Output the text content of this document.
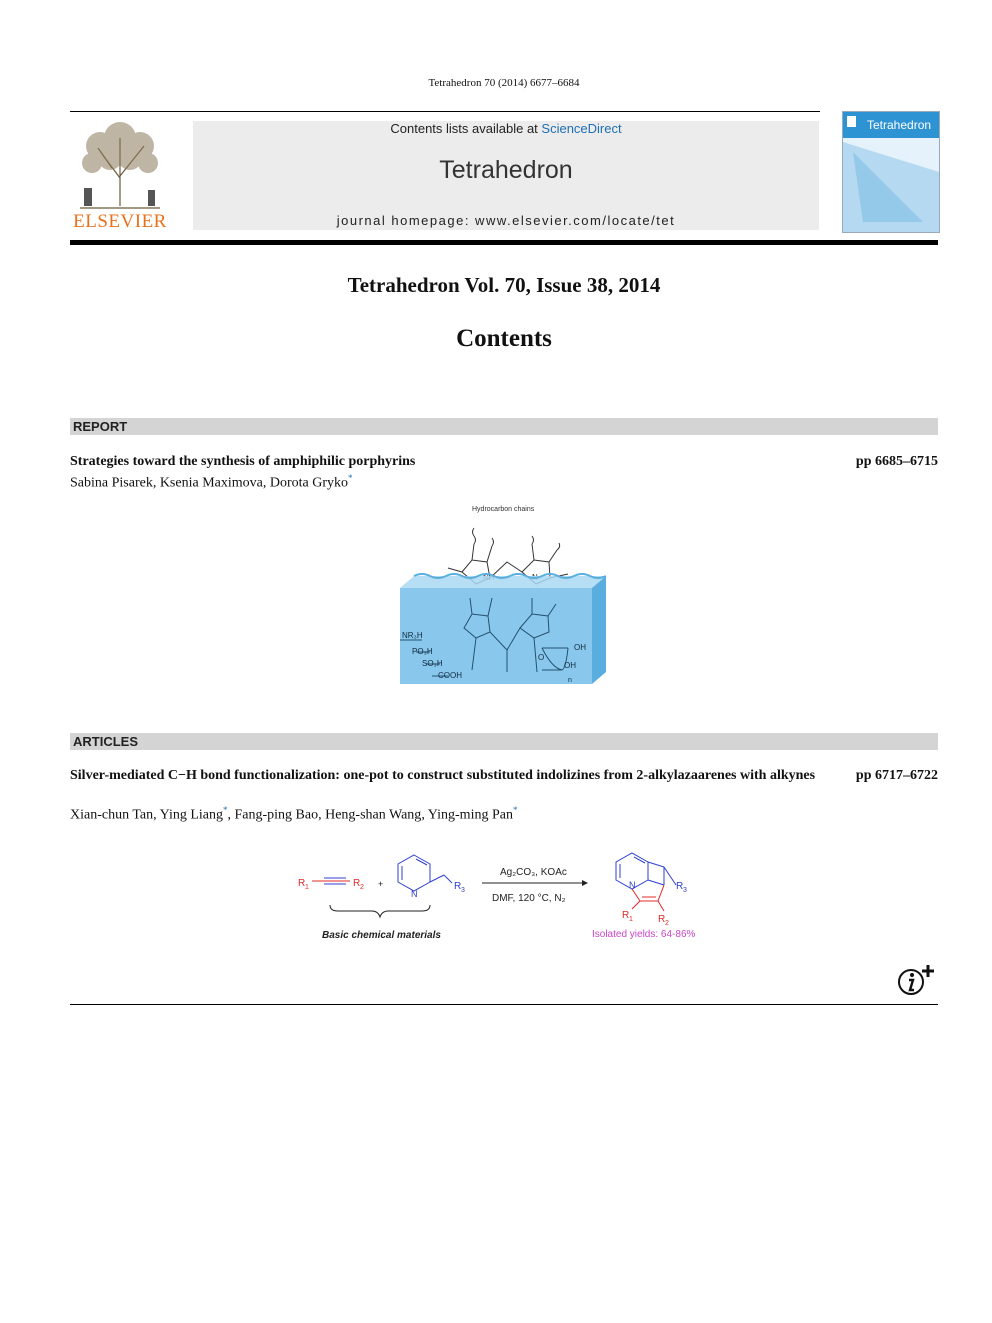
Tetrahedron 70 (2014) 6677–6684
ELSEVIER
Contents lists available at ScienceDirect
Tetrahedron
journal homepage: www.elsevier.com/locate/tet
Tetrahedron
Tetrahedron Vol. 70, Issue 38, 2014
Contents
REPORT
Strategies toward the synthesis of amphiphilic porphyrins	pp 6685–6715
Sabina Pisarek, Ksenia Maximova, Dorota Gryko*
Hydrocarbon chains
NR₃H
PO₃H
SO₃H
COOH
OH
OH
O
n
ARTICLES
Silver-mediated C−H bond functionalization: one-pot to construct substituted indolizines from 2-alkylazaarenes with alkynes	pp 6717–6722
Xian-chun Tan, Ying Liang*, Fang-ping Bao, Heng-shan Wang, Ying-ming Pan*
R 1	R 2 +
N
R 3
Basic chemical materials
Ag₂CO₃, KOAc
DMF, 120 °C, N₂
N	R 3
R 1	R 2
Isolated yields: 64-86%
